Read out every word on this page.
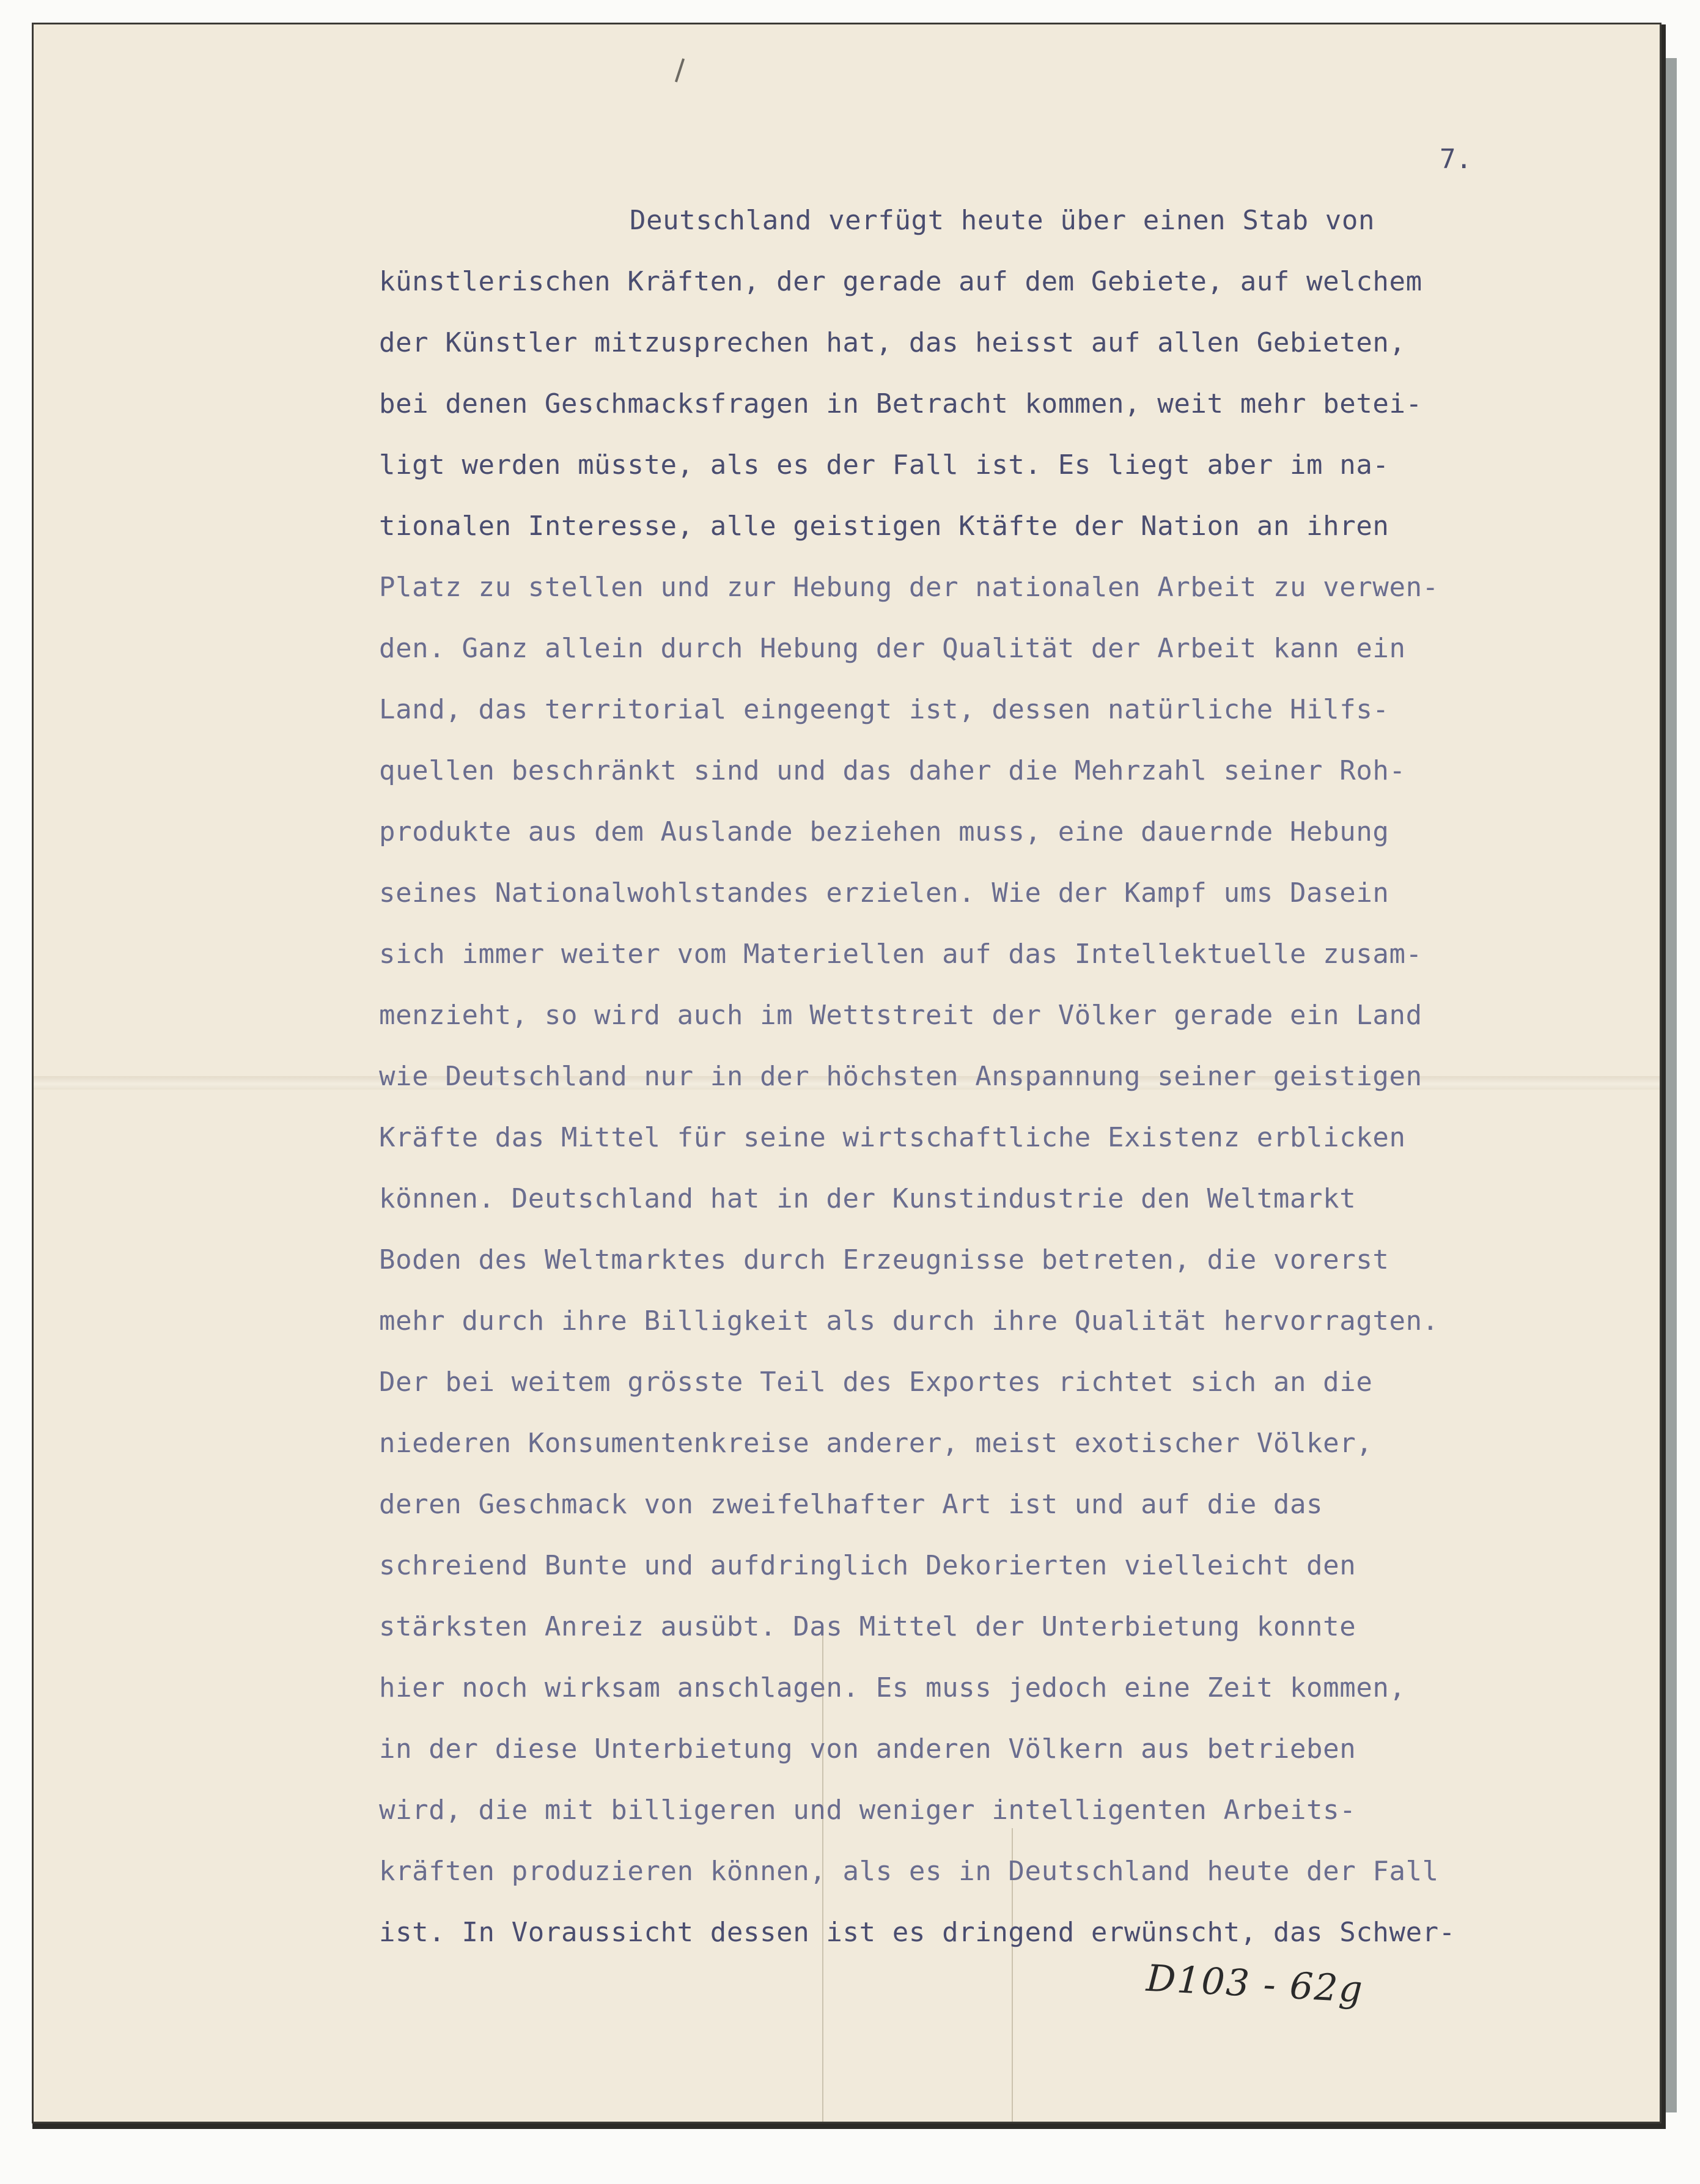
7.

Deutschland verfügt heute über einen Stab von

künstlerischen Kräften, der gerade auf dem Gebiete, auf welchem

der Künstler mitzusprechen hat, das heisst auf allen Gebieten,

bei denen Geschmacksfragen in Betracht kommen, weit mehr betei-

ligt werden müsste, als es der Fall ist. Es liegt aber im na-

tionalen Interesse, alle geistigen Ktäfte der Nation an ihren

Platz zu stellen und zur Hebung der nationalen Arbeit zu verwen-

den. Ganz allein durch Hebung der Qualität der Arbeit kann ein

Land, das territorial eingeengt ist, dessen natürliche Hilfs-

quellen beschränkt sind und das daher die Mehrzahl seiner Roh-

produkte aus dem Auslande beziehen muss, eine dauernde Hebung

seines Nationalwohlstandes erzielen. Wie der Kampf ums Dasein

sich immer weiter vom Materiellen auf das Intellektuelle zusam-

menzieht, so wird auch im Wettstreit der Völker gerade ein Land

wie Deutschland nur in der höchsten Anspannung seiner geistigen

Kräfte das Mittel für seine wirtschaftliche Existenz erblicken

können. Deutschland hat in der Kunstindustrie den Weltmarkt

Boden des Weltmarktes durch Erzeugnisse betreten, die vorerst

mehr durch ihre Billigkeit als durch ihre Qualität hervorragten.

Der bei weitem grösste Teil des Exportes richtet sich an die

niederen Konsumentenkreise anderer, meist exotischer Völker,

deren Geschmack von zweifelhafter Art ist und auf die das

schreiend Bunte und aufdringlich Dekorierten vielleicht den

stärksten Anreiz ausübt. Das Mittel der Unterbietung konnte

hier noch wirksam anschlagen. Es muss jedoch eine Zeit kommen,

in der diese Unterbietung von anderen Völkern aus betrieben

wird, die mit billigeren und weniger intelligenten Arbeits-

kräften produzieren können, als es in Deutschland heute der Fall

ist. In Voraussicht dessen ist es dringend erwünscht, das Schwer-

D103 - 62g
